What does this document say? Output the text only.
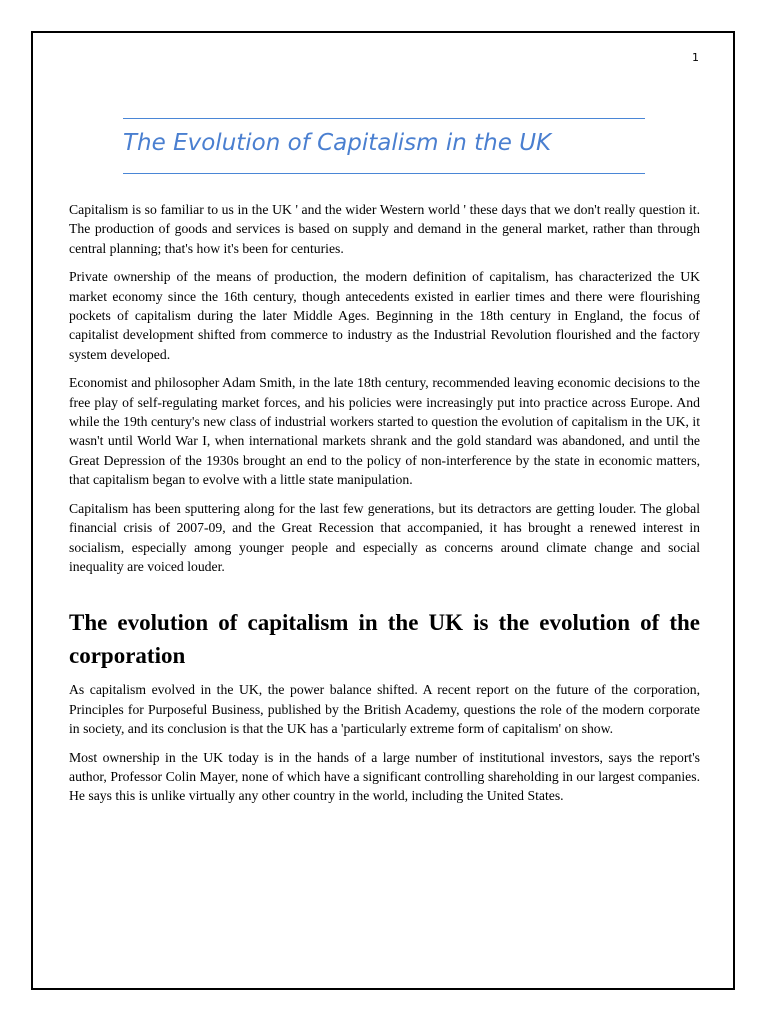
1
The Evolution of Capitalism in the UK

Capitalism is so familiar to us in the UK ' and the wider Western world ' these days that we don't really question it. The production of goods and services is based on supply and demand in the general market, rather than through central planning; that's how it's been for centuries.

Private ownership of the means of production, the modern definition of capitalism, has characterized the UK market economy since the 16th century, though antecedents existed in earlier times and there were flourishing pockets of capitalism during the later Middle Ages. Beginning in the 18th century in England, the focus of capitalist development shifted from commerce to industry as the Industrial Revolution flourished and the factory system developed.

Economist and philosopher Adam Smith, in the late 18th century, recommended leaving economic decisions to the free play of self-regulating market forces, and his policies were increasingly put into practice across Europe. And while the 19th century's new class of industrial workers started to question the evolution of capitalism in the UK, it wasn't until World War I, when international markets shrank and the gold standard was abandoned, and until the Great Depression of the 1930s brought an end to the policy of non-interference by the state in economic matters, that capitalism began to evolve with a little state manipulation.

Capitalism has been sputtering along for the last few generations, but its detractors are getting louder. The global financial crisis of 2007-09, and the Great Recession that accompanied, it has brought a renewed interest in socialism, especially among younger people and especially as concerns around climate change and social inequality are voiced louder.

The evolution of capitalism in the UK is the evolution of the corporation

As capitalism evolved in the UK, the power balance shifted. A recent report on the future of the corporation, Principles for Purposeful Business, published by the British Academy, questions the role of the modern corporate in society, and its conclusion is that the UK has a 'particularly extreme form of capitalism' on show.

Most ownership in the UK today is in the hands of a large number of institutional investors, says the report's author, Professor Colin Mayer, none of which have a significant controlling shareholding in our largest companies. He says this is unlike virtually any other country in the world, including the United States.
